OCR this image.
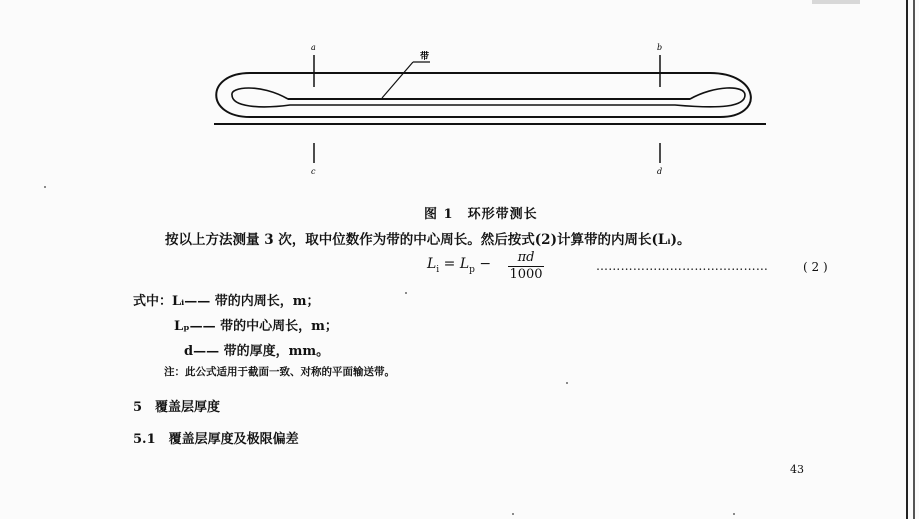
带
a	b
c	d
图 1　环形带测长
按以上方法测量 3 次，取中位数作为带的中心周长。然后按式(2)计算带的内周长(Lᵢ)。
$L_i = L_p - \frac{\pi d}{1000}$	……………………………………	( 2 )
式中：Lᵢ—— 带的内周长，m；
Lₚ—— 带的中心周长，m；
d—— 带的厚度，mm。
注：此公式适用于截面一致、对称的平面输送带。
5　覆盖层厚度
5.1　覆盖层厚度及极限偏差
43
